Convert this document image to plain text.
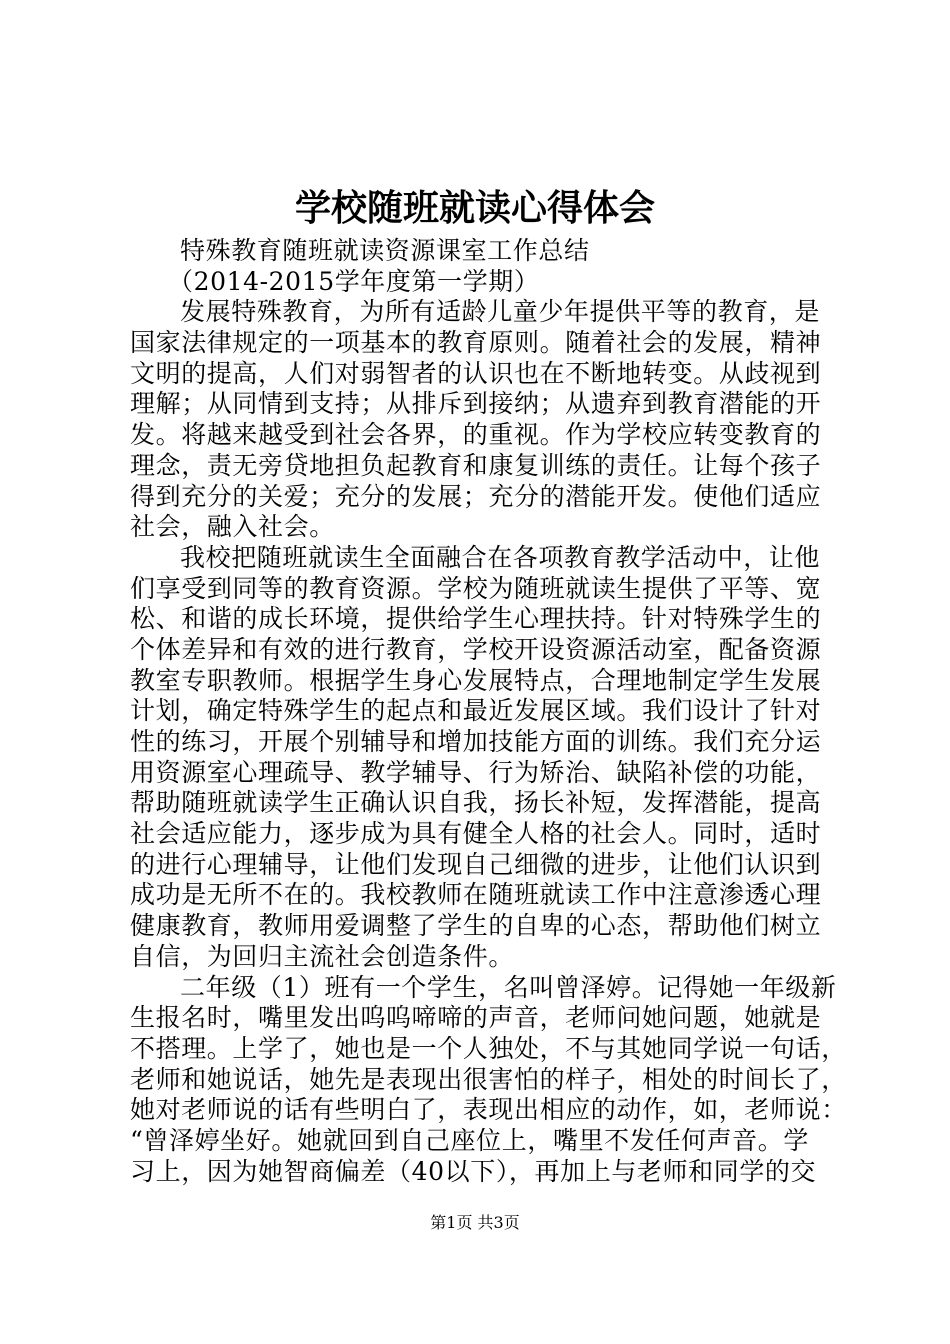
学校随班就读心得体会
特殊教育随班就读资源课室工作总结
（2014-2015学年度第一学期）
发展特殊教育，为所有适龄儿童少年提供平等的教育，是
国家法律规定的一项基本的教育原则。随着社会的发展，精神
文明的提高，人们对弱智者的认识也在不断地转变。从歧视到
理解；从同情到支持；从排斥到接纳；从遗弃到教育潜能的开
发。将越来越受到社会各界，的重视。作为学校应转变教育的
理念，责无旁贷地担负起教育和康复训练的责任。让每个孩子
得到充分的关爱；充分的发展；充分的潜能开发。使他们适应
社会，融入社会。
我校把随班就读生全面融合在各项教育教学活动中，让他
们享受到同等的教育资源。学校为随班就读生提供了平等、宽
松、和谐的成长环境，提供给学生心理扶持。针对特殊学生的
个体差异和有效的进行教育，学校开设资源活动室，配备资源
教室专职教师。根据学生身心发展特点，合理地制定学生发展
计划，确定特殊学生的起点和最近发展区域。我们设计了针对
性的练习，开展个别辅导和增加技能方面的训练。我们充分运
用资源室心理疏导、教学辅导、行为矫治、缺陷补偿的功能，
帮助随班就读学生正确认识自我，扬长补短，发挥潜能，提高
社会适应能力，逐步成为具有健全人格的社会人。同时，适时
的进行心理辅导，让他们发现自己细微的进步，让他们认识到
成功是无所不在的。我校教师在随班就读工作中注意渗透心理
健康教育，教师用爱调整了学生的自卑的心态，帮助他们树立
自信，为回归主流社会创造条件。
二年级（1）班有一个学生，名叫曾泽婷。记得她一年级新
生报名时，嘴里发出呜呜啼啼的声音，老师问她问题，她就是
不搭理。上学了，她也是一个人独处，不与其她同学说一句话，
老师和她说话，她先是表现出很害怕的样子，相处的时间长了，
她对老师说的话有些明白了，表现出相应的动作，如，老师说：
“曾泽婷坐好。她就回到自己座位上，嘴里不发任何声音。学
习上，因为她智商偏差（40以下），再加上与老师和同学的交
第1页 共3页
